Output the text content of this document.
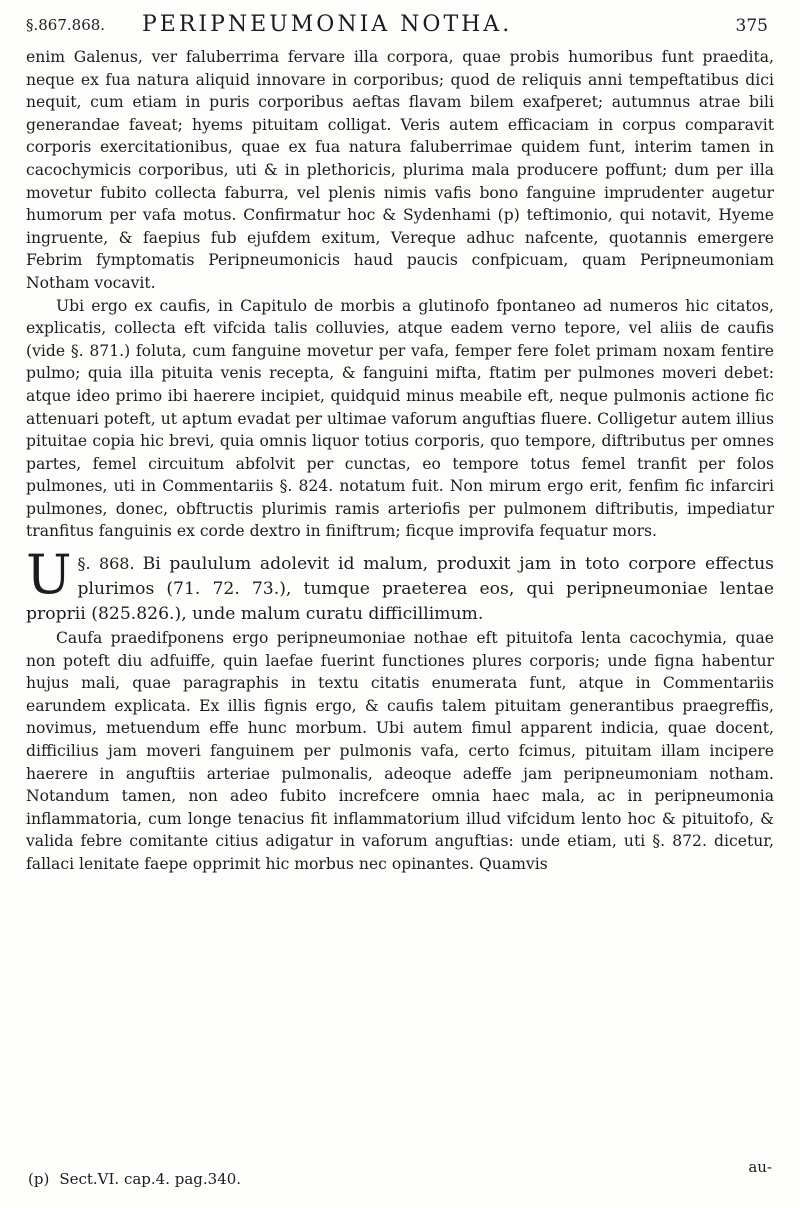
§.867.868. PERIPNEUMONIA NOTHA.	375

enim Galenus, ver faluberrima fervare illa corpora, quae probis humoribus funt praedita, neque ex fua natura aliquid innovare in corporibus; quod de reliquis anni tempeftatibus dici nequit, cum etiam in puris corporibus aeftas flavam bilem exafperet; autumnus atrae bili generandae faveat; hyems pituitam colligat. Veris autem efficaciam in corpus comparavit corporis exercitationibus, quae ex fua natura faluberrimae quidem funt, interim tamen in cacochymicis corporibus, uti & in plethoricis, plurima mala producere poffunt; dum per illa movetur fubito collecta faburra, vel plenis nimis vafis bono fanguine imprudenter augetur humorum per vafa motus. Confirmatur hoc & Sydenhami (p) teftimonio, qui notavit, Hyeme ingruente, & faepius fub ejufdem exitum, Vereque adhuc nafcente, quotannis emergere Febrim fymptomatis Peripneumonicis haud paucis confpicuam, quam Peripneumoniam Notham vocavit.

Ubi ergo ex caufis, in Capitulo de morbis a glutinofo fpontaneo ad numeros hic citatos, explicatis, collecta eft vifcida talis colluvies, atque eadem verno tepore, vel aliis de caufis (vide §. 871.) foluta, cum fanguine movetur per vafa, femper fere folet primam noxam fentire pulmo; quia illa pituita venis recepta, & fanguini mifta, ftatim per pulmones moveri debet: atque ideo primo ibi haerere incipiet, quidquid minus meabile eft, neque pulmonis actione fic attenuari poteft, ut aptum evadat per ultimae vaforum anguftias fluere. Colligetur autem illius pituitae copia hic brevi, quia omnis liquor totius corporis, quo tempore, diftributus per omnes partes, femel circuitum abfolvit per cunctas, eo tempore totus femel tranfit per folos pulmones, uti in Commentariis §. 824. notatum fuit. Non mirum ergo erit, fenfim fic infarciri pulmones, donec, obftructis plurimis ramis arteriofis per pulmonem diftributis, impediatur tranfitus fanguinis ex corde dextro in finiftrum; ficque improvifa fequatur mors.

§. 868.
U	Bi paululum adolevit id malum, produxit jam in toto corpore effectus plurimos (71. 72. 73.), tumque praeterea eos, qui peripneumoniae lentae proprii (825.826.), unde malum curatu difficillimum.

Caufa praedifponens ergo peripneumoniae nothae eft pituitofa lenta cacochymia, quae non poteft diu adfuiffe, quin laefae fuerint functiones plures corporis; unde figna habentur hujus mali, quae paragraphis in textu citatis enumerata funt, atque in Commentariis earundem explicata. Ex illis fignis ergo, & caufis talem pituitam generantibus praegreffis, novimus, metuendum effe hunc morbum. Ubi autem fimul apparent indicia, quae docent, difficilius jam moveri fanguinem per pulmonis vafa, certo fcimus, pituitam illam incipere haerere in anguftiis arteriae pulmonalis, adeoque adeffe jam peripneumoniam notham. Notandum tamen, non adeo fubito increfcere omnia haec mala, ac in peripneumonia inflammatoria, cum longe tenacius fit inflammatorium illud vifcidum lento hoc & pituitofo, & valida febre comitante citius adigatur in vaforum anguftias: unde etiam, uti §. 872. dicetur, fallaci lenitate faepe opprimit hic morbus nec opinantes. Quamvis

au-
(p) Sect.VI. cap.4. pag.340.
